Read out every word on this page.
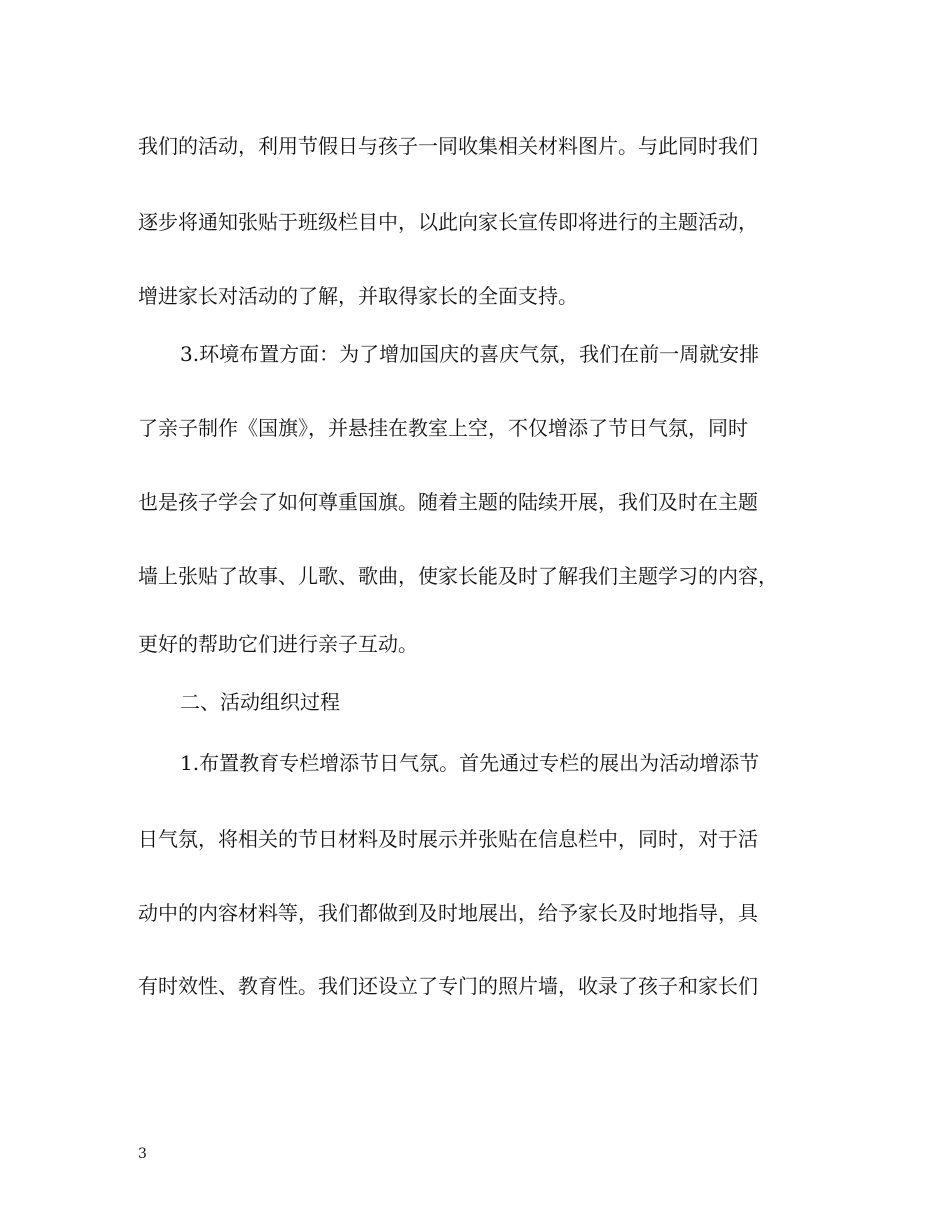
我们的活动，利用节假日与孩子一同收集相关材料图片。与此同时我们
逐步将通知张贴于班级栏目中，以此向家长宣传即将进行的主题活动，
增进家长对活动的了解，并取得家长的全面支持。
3.环境布置方面：为了增加国庆的喜庆气氛，我们在前一周就安排
了亲子制作《国旗》，并悬挂在教室上空，不仅增添了节日气氛，同时
也是孩子学会了如何尊重国旗。随着主题的陆续开展，我们及时在主题
墙上张贴了故事、儿歌、歌曲，使家长能及时了解我们主题学习的内容，
更好的帮助它们进行亲子互动。
二、活动组织过程
1.布置教育专栏增添节日气氛。首先通过专栏的展出为活动增添节
日气氛，将相关的节日材料及时展示并张贴在信息栏中，同时，对于活
动中的内容材料等，我们都做到及时地展出，给予家长及时地指导，具
有时效性、教育性。我们还设立了专门的照片墙，收录了孩子和家长们
3
